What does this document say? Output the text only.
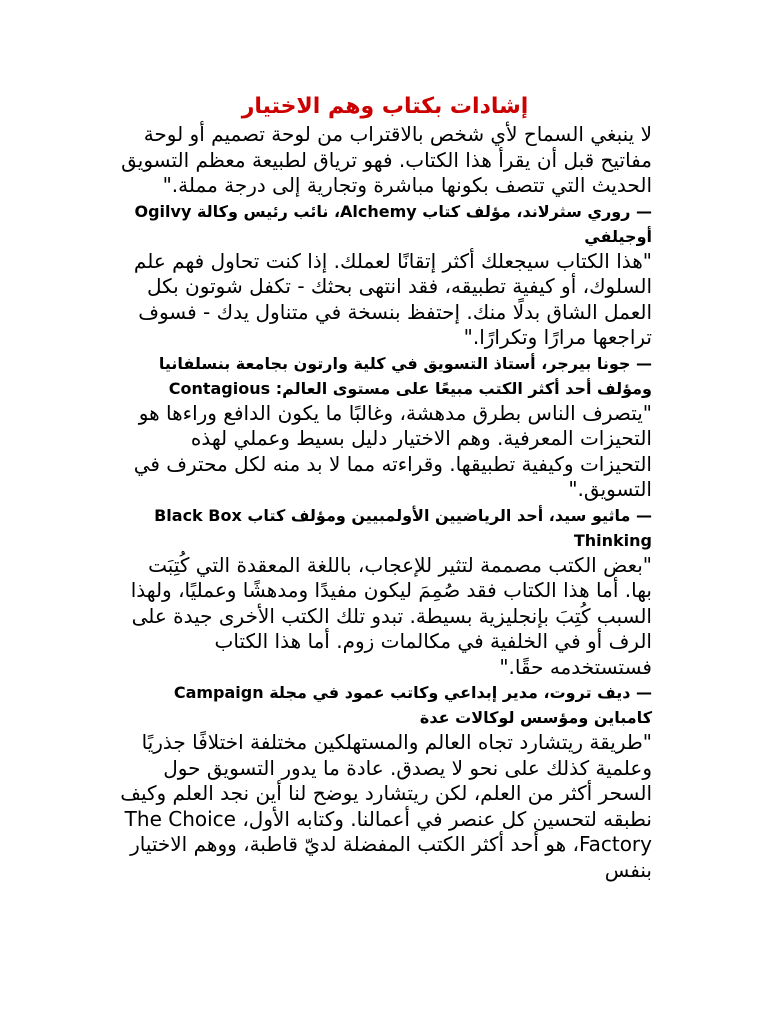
إشادات بكتاب وهم الاختيار

لا ينبغي السماح لأي شخص بالاقتراب من لوحة تصميم أو لوحة مفاتيح قبل أن يقرأ هذا الكتاب. فهو ترياق لطبيعة معظم التسويق الحديث التي تتصف بكونها مباشرة وتجارية إلى درجة مملة."

— روري سثرلاند، مؤلف كتاب Alchemy، نائب رئيس وكالة Ogilvy أوجيلفي

"هذا الكتاب سيجعلك أكثر إتقانًا لعملك. إذا كنت تحاول فهم علم السلوك، أو كيفية تطبيقه، فقد انتهى بحثك - تكفل شوتون بكل العمل الشاق بدلًا منك. إحتفظ بنسخة في متناول يدك - فسوف تراجعها مرارًا وتكرارًا."

— جونا بيرجر، أستاذ التسويق في كلية وارتون بجامعة بنسلفانيا ومؤلف أحد أكثر الكتب مبيعًا على مستوى العالم: Contagious

"يتصرف الناس بطرق مدهشة، وغالبًا ما يكون الدافع وراءها هو التحيزات المعرفية. وهم الاختيار دليل بسيط وعملي لهذه التحيزات وكيفية تطبيقها. وقراءته مما لا بد منه لكل محترف في التسويق."

— ماثيو سيد، أحد الرياضيين الأولمبيين ومؤلف كتاب Black Box Thinking

"بعض الكتب مصممة لتثير للإعجاب، باللغة المعقدة التي كُتِبَت بها. أما هذا الكتاب فقد صُمِمَ ليكون مفيدًا ومدهشًا وعمليًا، ولهذا السبب كُتِبَ بإنجليزية بسيطة. تبدو تلك الكتب الأخرى جيدة على الرف أو في الخلفية في مكالمات زوم. أما هذا الكتاب فستستخدمه حقًا."

— ديف تروت، مدير إبداعي وكاتب عمود في مجلة Campaign كامباين ومؤسس لوكالات عدة

"طريقة ريتشارد تجاه العالم والمستهلكين مختلفة اختلافًا جذريًا وعلمية كذلك على نحو لا يصدق. عادة ما يدور التسويق حول السحر أكثر من العلم، لكن ريتشارد يوضح لنا أين نجد العلم وكيف نطبقه لتحسين كل عنصر في أعمالنا. وكتابه الأول، The Choice Factory، هو أحد أكثر الكتب المفضلة لديّ قاطبة، ووهم الاختيار بنفس
